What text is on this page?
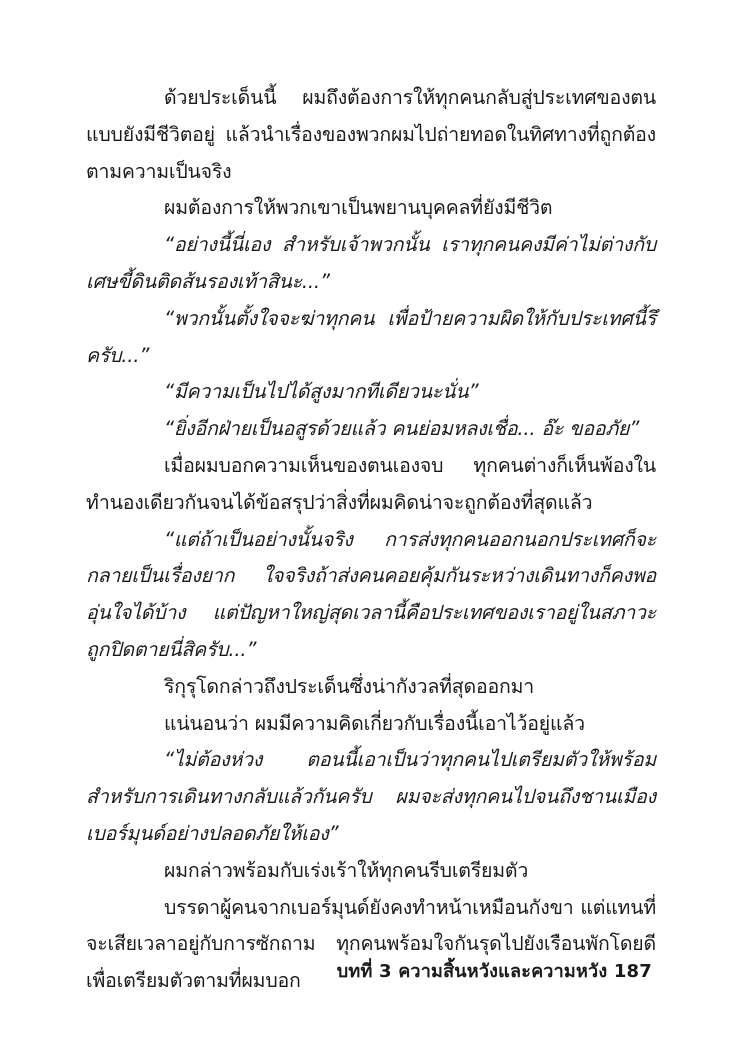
ด้วยประเด็นนี้ ผมถึงต้องการให้ทุกคนกลับสู่ประเทศของตนแบบยังมีชีวิตอยู่ แล้วนำเรื่องของพวกผมไปถ่ายทอดในทิศทางที่ถูกต้องตามความเป็นจริง

ผมต้องการให้พวกเขาเป็นพยานบุคคลที่ยังมีชีวิต

“อย่างนี้นี่เอง สำหรับเจ้าพวกนั้น เราทุกคนคงมีค่าไม่ต่างกับเศษขี้ดินติดส้นรองเท้าสินะ...”

“พวกนั้นตั้งใจจะฆ่าทุกคน เพื่อป้ายความผิดให้กับประเทศนี้รึครับ...”

“มีความเป็นไปได้สูงมากทีเดียวนะนั่น”

“ยิ่งอีกฝ่ายเป็นอสูรด้วยแล้ว คนย่อมหลงเชื่อ... อ๊ะ ขออภัย”

เมื่อผมบอกความเห็นของตนเองจบ ทุกคนต่างก็เห็นพ้องในทำนองเดียวกันจนได้ข้อสรุปว่าสิ่งที่ผมคิดน่าจะถูกต้องที่สุดแล้ว

“แต่ถ้าเป็นอย่างนั้นจริง การส่งทุกคนออกนอกประเทศก็จะกลายเป็นเรื่องยาก ใจจริงถ้าส่งคนคอยคุ้มกันระหว่างเดินทางก็คงพออุ่นใจได้บ้าง แต่ปัญหาใหญ่สุดเวลานี้คือประเทศของเราอยู่ในสภาวะถูกปิดตายนี่สิครับ...”

ริกุรุโดกล่าวถึงประเด็นซึ่งน่ากังวลที่สุดออกมา

แน่นอนว่า ผมมีความคิดเกี่ยวกับเรื่องนี้เอาไว้อยู่แล้ว

“ไม่ต้องห่วง ตอนนี้เอาเป็นว่าทุกคนไปเตรียมตัวให้พร้อมสำหรับการเดินทางกลับแล้วกันครับ ผมจะส่งทุกคนไปจนถึงชานเมืองเบอร์มุนด์อย่างปลอดภัยให้เอง”

ผมกล่าวพร้อมกับเร่งเร้าให้ทุกคนรีบเตรียมตัว

บรรดาผู้คนจากเบอร์มุนด์ยังคงทำหน้าเหมือนกังขา แต่แทนที่จะเสียเวลาอยู่กับการซักถาม ทุกคนพร้อมใจกันรุดไปยังเรือนพักโดยดีเพื่อเตรียมตัวตามที่ผมบอก	บทที่ 3 ความสิ้นหวังและความหวัง 187
